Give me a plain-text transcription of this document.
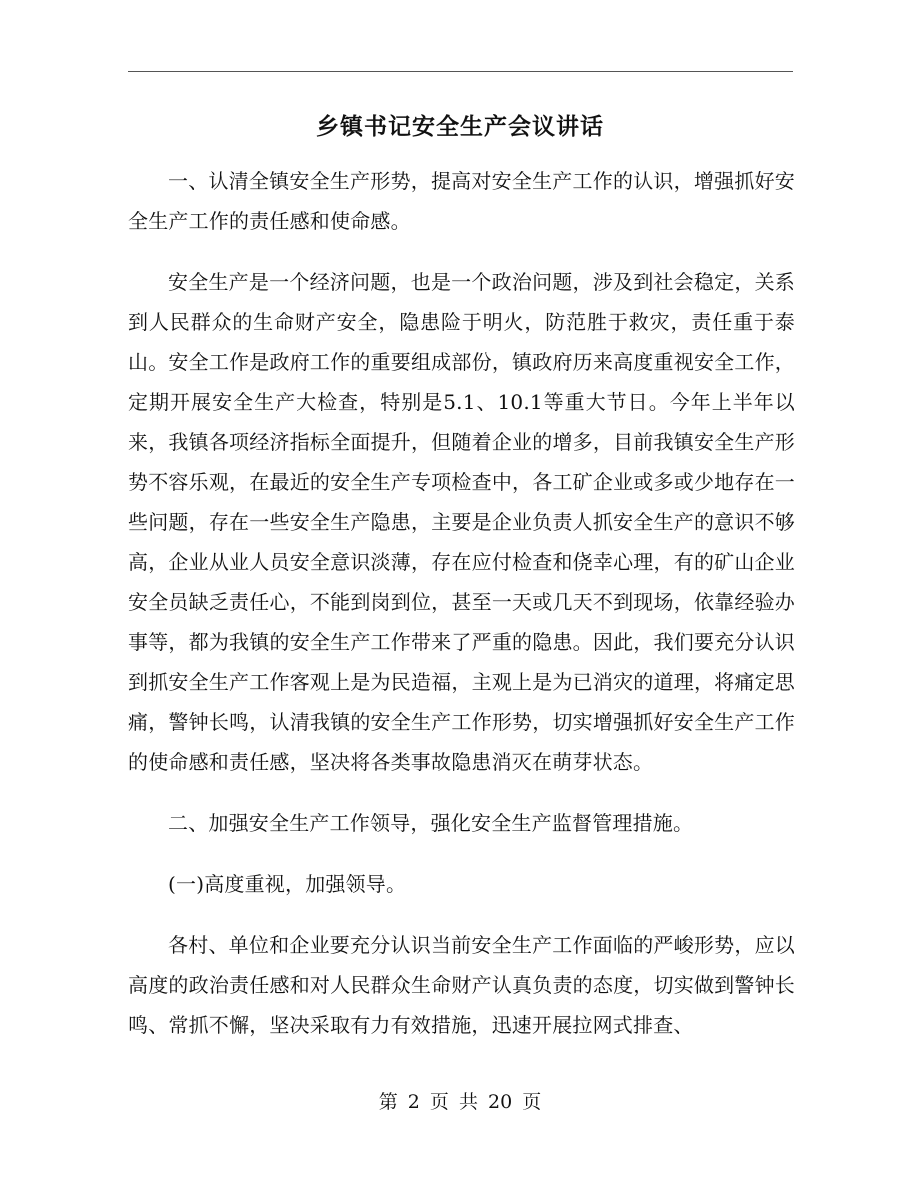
乡镇书记安全生产会议讲话

一、认清全镇安全生产形势，提高对安全生产工作的认识，增强抓好安全生产工作的责任感和使命感。

安全生产是一个经济问题，也是一个政治问题，涉及到社会稳定，关系到人民群众的生命财产安全，隐患险于明火，防范胜于救灾，责任重于泰山。安全工作是政府工作的重要组成部份，镇政府历来高度重视安全工作，定期开展安全生产大检查，特别是5.1、10.1等重大节日。今年上半年以来，我镇各项经济指标全面提升，但随着企业的增多，目前我镇安全生产形势不容乐观，在最近的安全生产专项检查中，各工矿企业或多或少地存在一些问题，存在一些安全生产隐患，主要是企业负责人抓安全生产的意识不够高，企业从业人员安全意识淡薄，存在应付检查和侥幸心理，有的矿山企业安全员缺乏责任心，不能到岗到位，甚至一天或几天不到现场，依靠经验办事等，都为我镇的安全生产工作带来了严重的隐患。因此，我们要充分认识到抓安全生产工作客观上是为民造福，主观上是为已消灾的道理，将痛定思痛，警钟长鸣，认清我镇的安全生产工作形势，切实增强抓好安全生产工作的使命感和责任感，坚决将各类事故隐患消灭在萌芽状态。

二、加强安全生产工作领导，强化安全生产监督管理措施。

(一)高度重视，加强领导。

各村、单位和企业要充分认识当前安全生产工作面临的严峻形势，应以高度的政治责任感和对人民群众生命财产认真负责的态度，切实做到警钟长鸣、常抓不懈，坚决采取有力有效措施，迅速开展拉网式排查、

第 2 页 共 20 页
